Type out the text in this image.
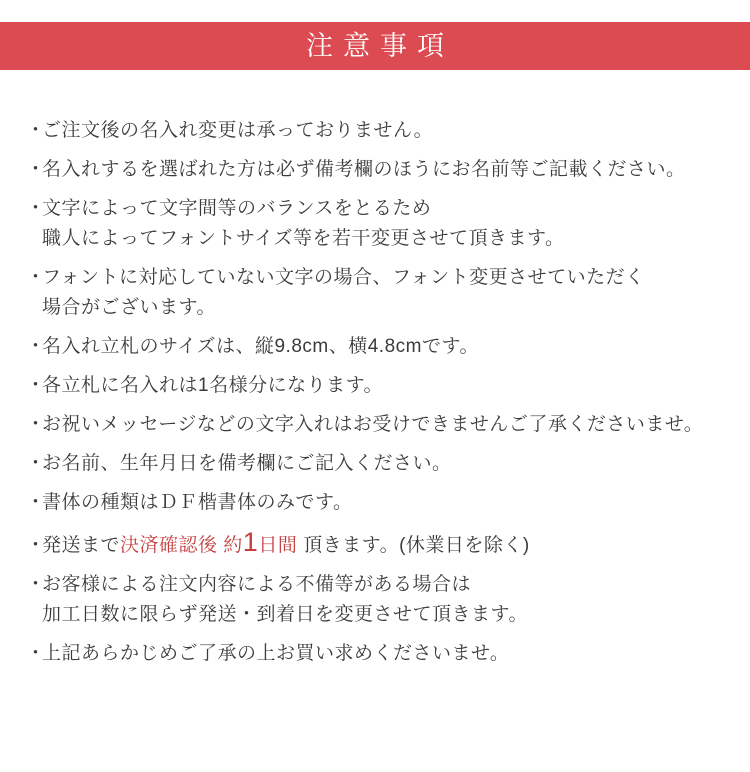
注意事項
・
ご注文後の名入れ変更は承っておりません。
・
名入れするを選ばれた方は必ず備考欄のほうにお名前等ご記載ください。
・
文字によって文字間等のバランスをとるため
職人によってフォントサイズ等を若干変更させて頂きます。
・
フォントに対応していない文字の場合、フォント変更させていただく
場合がございます。
・
名入れ立札のサイズは、縦9.8cm、横4.8cmです。
・
各立札に名入れは1名様分になります。
・
お祝いメッセージなどの文字入れはお受けできませんご了承くださいませ。
・
お名前、生年月日を備考欄にご記入ください。
・
書体の種類はＤＦ楷書体のみです。
・
発送まで決済確認後 約1日間 頂きます。(休業日を除く)
・
お客様による注文内容による不備等がある場合は
加工日数に限らず発送・到着日を変更させて頂きます。
・
上記あらかじめご了承の上お買い求めくださいませ。
